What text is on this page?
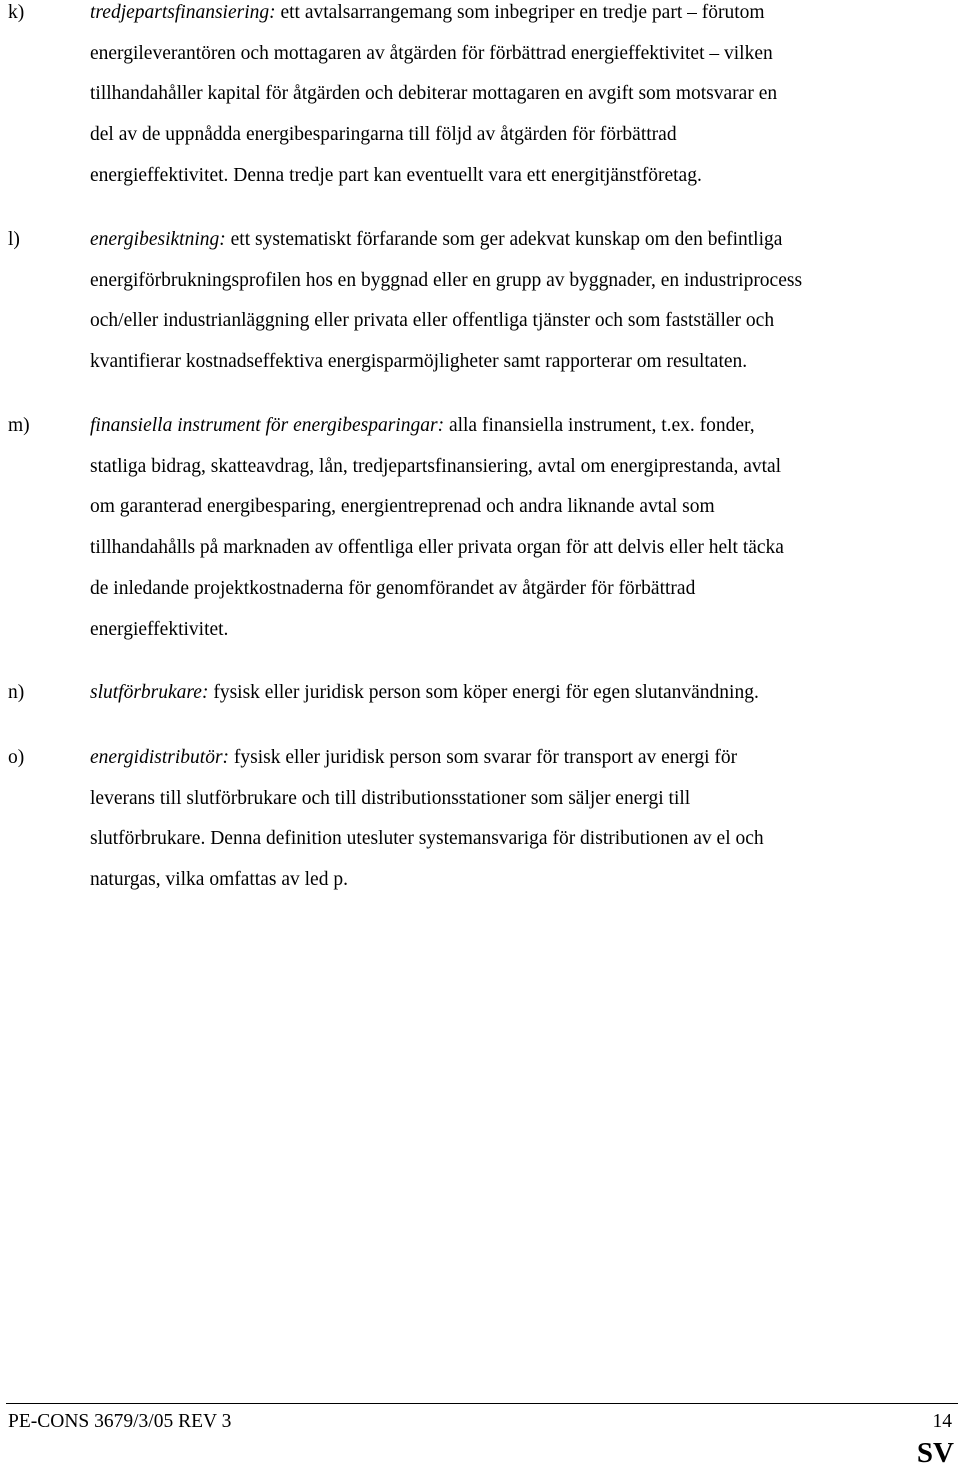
k)	tredjepartsfinansiering: ett avtalsarrangemang som inbegriper en tredje part – förutom
energileverantören och mottagaren av åtgärden för förbättrad energieffektivitet – vilken
tillhandahåller kapital för åtgärden och debiterar mottagaren en avgift som motsvarar en
del av de uppnådda energibesparingarna till följd av åtgärden för förbättrad
energieffektivitet. Denna tredje part kan eventuellt vara ett energitjänstföretag.
l)	energibesiktning: ett systematiskt förfarande som ger adekvat kunskap om den befintliga
energiförbrukningsprofilen hos en byggnad eller en grupp av byggnader, en industriprocess
och/eller industrianläggning eller privata eller offentliga tjänster och som fastställer och
kvantifierar kostnadseffektiva energisparmöjligheter samt rapporterar om resultaten.
m)	finansiella instrument för energibesparingar: alla finansiella instrument, t.ex. fonder,
statliga bidrag, skatteavdrag, lån, tredjepartsfinansiering, avtal om energiprestanda, avtal
om garanterad energibesparing, energientreprenad och andra liknande avtal som
tillhandahålls på marknaden av offentliga eller privata organ för att delvis eller helt täcka
de inledande projektkostnaderna för genomförandet av åtgärder för förbättrad
energieffektivitet.
n)	slutförbrukare: fysisk eller juridisk person som köper energi för egen slutanvändning.
o)	energidistributör: fysisk eller juridisk person som svarar för transport av energi för
leverans till slutförbrukare och till distributionsstationer som säljer energi till
slutförbrukare. Denna definition utesluter systemansvariga för distributionen av el och
naturgas, vilka omfattas av led p.
PE-CONS 3679/3/05 REV 3	14
SV
